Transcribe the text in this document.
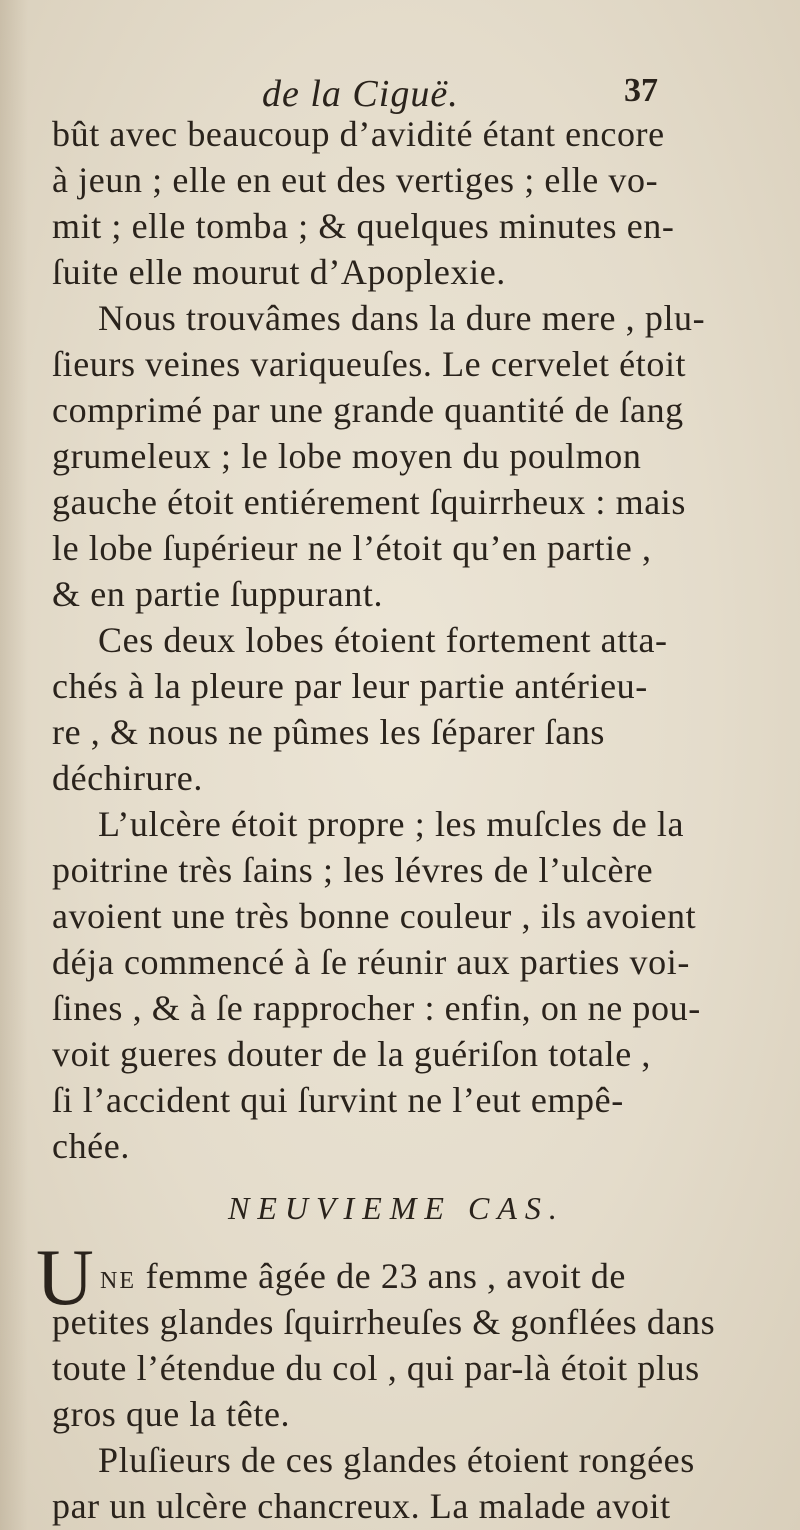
de la Ciguë.	37
bût avec beaucoup d’avidité étant encore
à jeun ; elle en eut des vertiges ; elle vo-
mit ; elle tomba ; & quelques minutes en-
ſuite elle mourut d’Apoplexie.
Nous trouvâmes dans la dure mere , plu-
ſieurs veines variqueuſes. Le cervelet étoit
comprimé par une grande quantité de ſang
grumeleux ; le lobe moyen du poulmon
gauche étoit entiérement ſquirrheux : mais
le lobe ſupérieur ne l’étoit qu’en partie ,
& en partie ſuppurant.
Ces deux lobes étoient fortement atta-
chés à la pleure par leur partie antérieu-
re , & nous ne pûmes les ſéparer ſans
déchirure.
L’ulcère étoit propre ; les muſcles de la
poitrine très ſains ; les lévres de l’ulcère
avoient une très bonne couleur , ils avoient
déja commencé à ſe réunir aux parties voi-
ſines , & à ſe rapprocher : enfin, on ne pou-
voit gueres douter de la guériſon totale ,
ſi l’accident qui ſurvint ne l’eut empê-
chée.
NEUVIEME CAS.
U NE femme âgée de 23 ans , avoit de
petites glandes ſquirrheuſes & gonflées dans
toute l’étendue du col , qui par-là étoit plus
gros que la tête.
Pluſieurs de ces glandes étoient rongées
par un ulcère chancreux. La malade avoit
